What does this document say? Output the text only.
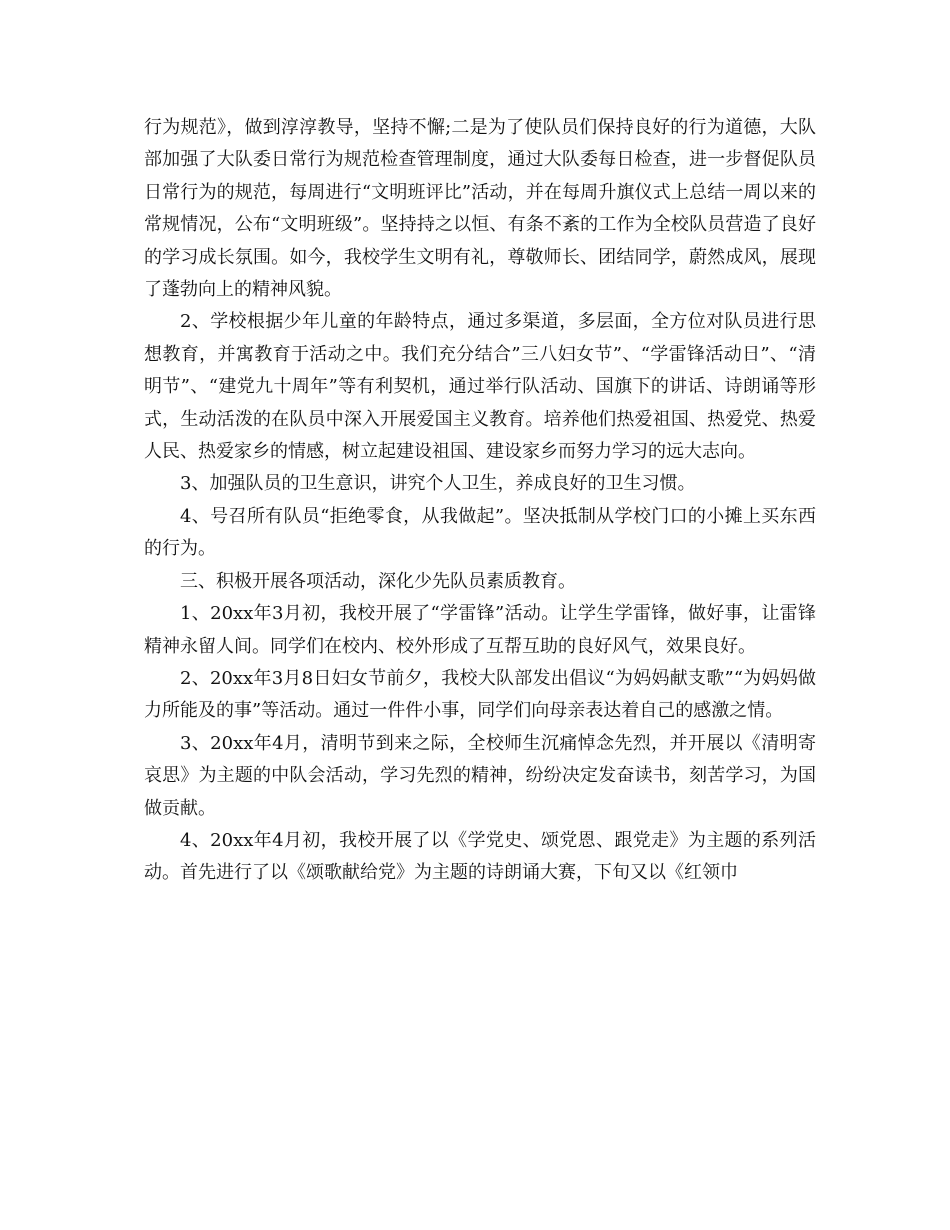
行为规范》，做到淳淳教导，坚持不懈;二是为了使队员们保持良好的行为道德，大队部加强了大队委日常行为规范检查管理制度，通过大队委每日检查，进一步督促队员日常行为的规范，每周进行“文明班评比”活动，并在每周升旗仪式上总结一周以来的常规情况，公布“文明班级”。坚持持之以恒、有条不紊的工作为全校队员营造了良好的学习成长氛围。如今，我校学生文明有礼，尊敬师长、团结同学，蔚然成风，展现了蓬勃向上的精神风貌。

2、学校根据少年儿童的年龄特点，通过多渠道，多层面，全方位对队员进行思想教育，并寓教育于活动之中。我们充分结合”三八妇女节”、“学雷锋活动日”、“清明节”、“建党九十周年”等有利契机，通过举行队活动、国旗下的讲话、诗朗诵等形式，生动活泼的在队员中深入开展爱国主义教育。培养他们热爱祖国、热爱党、热爱人民、热爱家乡的情感，树立起建设祖国、建设家乡而努力学习的远大志向。

3、加强队员的卫生意识，讲究个人卫生，养成良好的卫生习惯。

4、号召所有队员“拒绝零食，从我做起”。坚决抵制从学校门口的小摊上买东西的行为。

三、积极开展各项活动，深化少先队员素质教育。

1、20xx年3月初，我校开展了“学雷锋”活动。让学生学雷锋，做好事，让雷锋精神永留人间。同学们在校内、校外形成了互帮互助的良好风气，效果良好。

2、20xx年3月8日妇女节前夕，我校大队部发出倡议“为妈妈献支歌”“为妈妈做力所能及的事”等活动。通过一件件小事，同学们向母亲表达着自己的感激之情。

3、20xx年4月，清明节到来之际，全校师生沉痛悼念先烈，并开展以《清明寄哀思》为主题的中队会活动，学习先烈的精神，纷纷决定发奋读书，刻苦学习，为国做贡献。

4、20xx年4月初，我校开展了以《学党史、颂党恩、跟党走》为主题的系列活动。首先进行了以《颂歌献给党》为主题的诗朗诵大赛，下旬又以《红领巾
